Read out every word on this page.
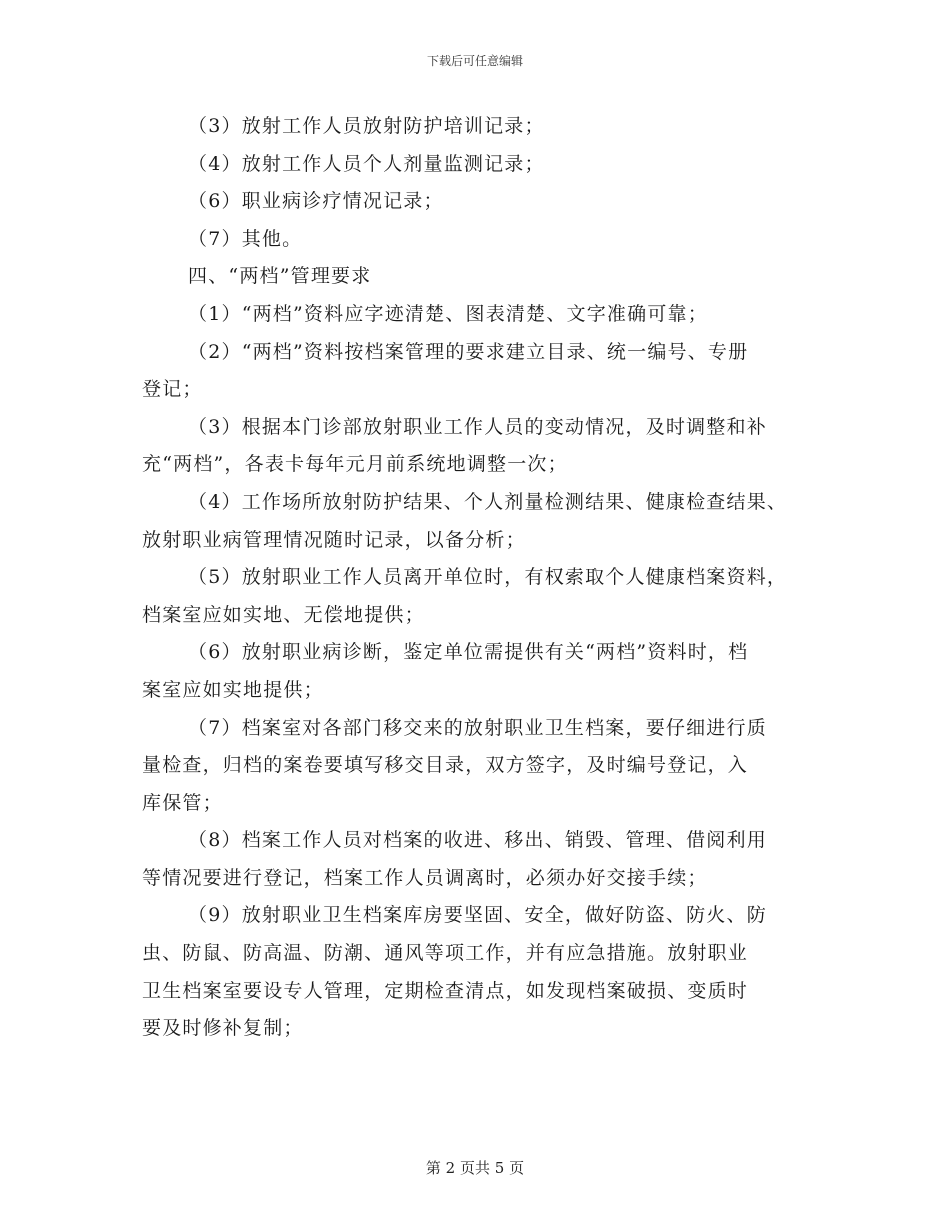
下载后可任意编辑
（3）放射工作人员放射防护培训记录；
（4）放射工作人员个人剂量监测记录；
（6）职业病诊疗情况记录；
（7）其他。
四、“两档”管理要求
（1）“两档”资料应字迹清楚、图表清楚、文字准确可靠；
（2）“两档”资料按档案管理的要求建立目录、统一编号、专册
登记；
（3）根据本门诊部放射职业工作人员的变动情况，及时调整和补
充“两档”，各表卡每年元月前系统地调整一次；
（4）工作场所放射防护结果、个人剂量检测结果、健康检查结果、
放射职业病管理情况随时记录，以备分析；
（5）放射职业工作人员离开单位时，有权索取个人健康档案资料，
档案室应如实地、无偿地提供；
（6）放射职业病诊断，鉴定单位需提供有关“两档”资料时，档
案室应如实地提供；
（7）档案室对各部门移交来的放射职业卫生档案，要仔细进行质
量检查，归档的案卷要填写移交目录，双方签字，及时编号登记，入
库保管；
（8）档案工作人员对档案的收进、移出、销毁、管理、借阅利用
等情况要进行登记，档案工作人员调离时，必须办好交接手续；
（9）放射职业卫生档案库房要坚固、安全，做好防盗、防火、防
虫、防鼠、防高温、防潮、通风等项工作，并有应急措施。放射职业
卫生档案室要设专人管理，定期检查清点，如发现档案破损、变质时
要及时修补复制；
第 2 页共 5 页
